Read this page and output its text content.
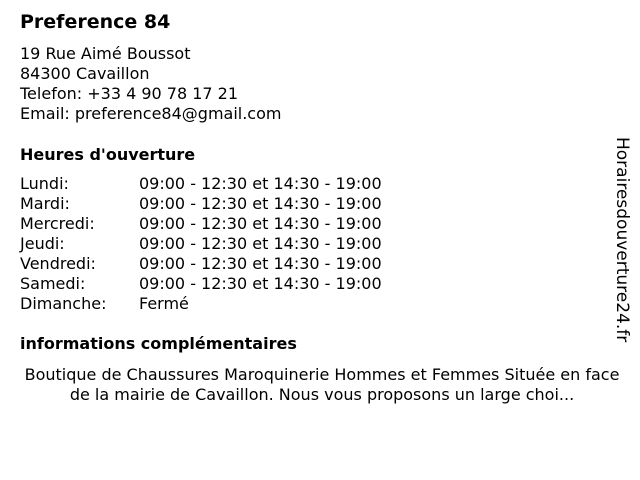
Preference 84
19 Rue Aimé Boussot
84300 Cavaillon
Telefon: +33 4 90 78 17 21
Email: preference84@gmail.com
Heures d'ouverture
Lundi:	09:00 - 12:30 et 14:30 - 19:00
Mardi:	09:00 - 12:30 et 14:30 - 19:00
Mercredi:	09:00 - 12:30 et 14:30 - 19:00
Jeudi:	09:00 - 12:30 et 14:30 - 19:00
Vendredi:	09:00 - 12:30 et 14:30 - 19:00
Samedi:	09:00 - 12:30 et 14:30 - 19:00
Dimanche: Fermé
informations complémentaires
Boutique de Chaussures Maroquinerie Hommes et Femmes Située en face de la mairie de Cavaillon. Nous vous proposons un large choi...
Horairesdouverture24.fr
